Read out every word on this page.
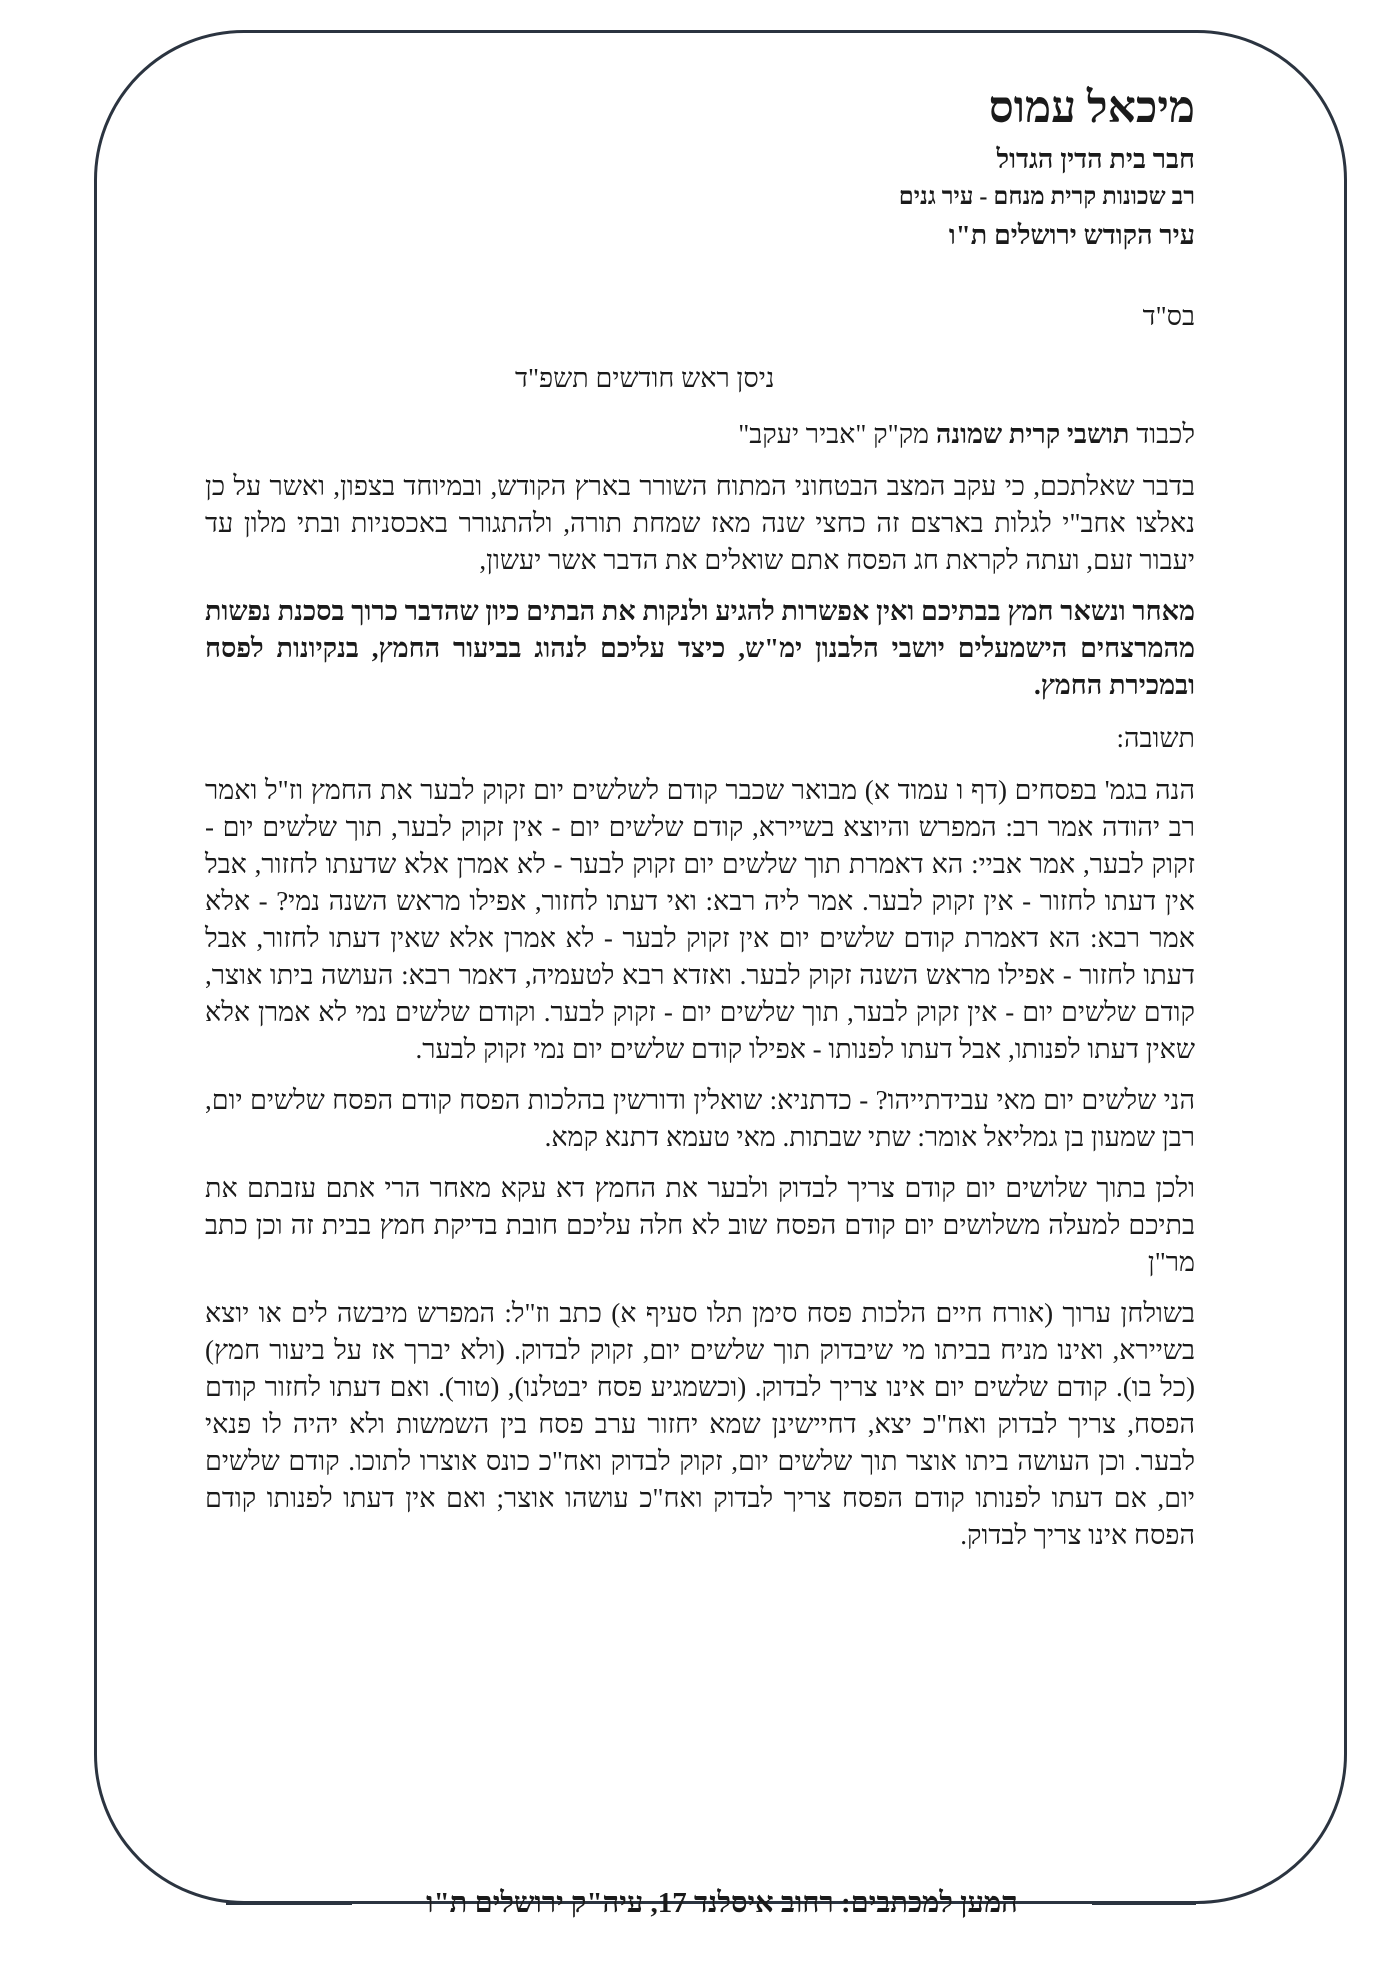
מיכאל עמוס
חבר בית הדין הגדול
רב שכונות קרית מנחם - עיר גנים
עיר הקודש ירושלים ת"ו
בס"ד
ניסן ראש חודשים תשפ"ד
לכבוד תושבי קרית שמונה מק"ק "אביר יעקב"

בדבר שאלתכם, כי עקב המצב הבטחוני המתוח השורר בארץ הקודש, ובמיוחד בצפון, ואשר על כן נאלצו אחב"י לגלות בארצם זה כחצי שנה מאז שמחת תורה, ולהתגורר באכסניות ובתי מלון עד יעבור זעם, ועתה לקראת חג הפסח אתם שואלים את הדבר אשר יעשון,

מאחר ונשאר חמץ בבתיכם ואין אפשרות להגיע ולנקות את הבתים כיון שהדבר כרוך בסכנת נפשות מהמרצחים הישמעלים יושבי הלבנון ימ"ש, כיצד עליכם לנהוג בביעור החמץ, בנקיונות לפסח ובמכירת החמץ.

תשובה:

הנה בגמ' בפסחים (דף ו עמוד א) מבואר שכבר קודם לשלשים יום זקוק לבער את החמץ וז"ל ואמר רב יהודה אמר רב: המפרש והיוצא בשיירא, קודם שלשים יום - אין זקוק לבער, תוך שלשים יום - זקוק לבער, אמר אביי: הא דאמרת תוך שלשים יום זקוק לבער - לא אמרן אלא שדעתו לחזור, אבל אין דעתו לחזור - אין זקוק לבער. אמר ליה רבא: ואי דעתו לחזור, אפילו מראש השנה נמי? - אלא אמר רבא: הא דאמרת קודם שלשים יום אין זקוק לבער - לא אמרן אלא שאין דעתו לחזור, אבל דעתו לחזור - אפילו מראש השנה זקוק לבער. ואזדא רבא לטעמיה, דאמר רבא: העושה ביתו אוצר, קודם שלשים יום - אין זקוק לבער, תוך שלשים יום - זקוק לבער. וקודם שלשים נמי לא אמרן אלא שאין דעתו לפנותו, אבל דעתו לפנותו - אפילו קודם שלשים יום נמי זקוק לבער.

הני שלשים יום מאי עבידתייהו? - כדתניא: שואלין ודורשין בהלכות הפסח קודם הפסח שלשים יום, רבן שמעון בן גמליאל אומר: שתי שבתות. מאי טעמא דתנא קמא.

ולכן בתוך שלושים יום קודם צריך לבדוק ולבער את החמץ דא עקא מאחר הרי אתם עזבתם את בתיכם למעלה משלושים יום קודם הפסח שוב לא חלה עליכם חובת בדיקת חמץ בבית זה וכן כתב מר"ן

בשולחן ערוך (אורח חיים הלכות פסח סימן תלו סעיף א) כתב וז"ל: המפרש מיבשה לים או יוצא בשיירא, ואינו מניח בביתו מי שיבדוק תוך שלשים יום, זקוק לבדוק. (ולא יברך אז על ביעור חמץ) (כל בו). קודם שלשים יום אינו צריך לבדוק. (וכשמגיע פסח יבטלנו), (טור). ואם דעתו לחזור קודם הפסח, צריך לבדוק ואח"כ יצא, דחיישינן שמא יחזור ערב פסח בין השמשות ולא יהיה לו פנאי לבער. וכן העושה ביתו אוצר תוך שלשים יום, זקוק לבדוק ואח"כ כונס אוצרו לתוכו. קודם שלשים יום, אם דעתו לפנותו קודם הפסח צריך לבדוק ואח"כ עושהו אוצר; ואם אין דעתו לפנותו קודם הפסח אינו צריך לבדוק.

המען למכתבים: רחוב איסלנד 17, עיה"ק ירושלים ת"ו
